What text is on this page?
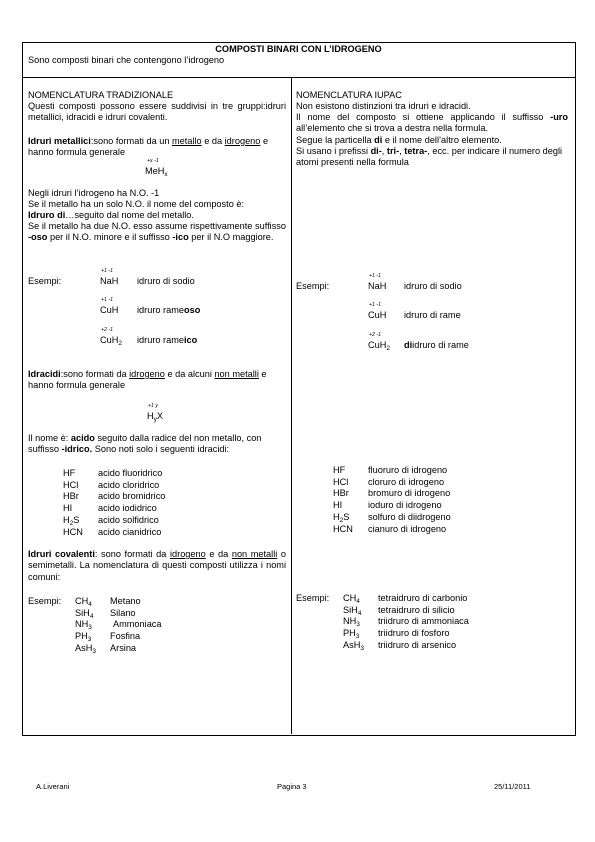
COMPOSTI BINARI CON L’IDROGENO
Sono composti binari che contengono l’idrogeno
NOMENCLATURA TRADIZIONALE
Questi composti possono essere suddivisi in tre gruppi:idruri metallici, idracidi e idruri covalenti.
Idruri metallici:sono formati da un metallo e da idrogeno e hanno formula generale
+x -1
MeH$_x$
Negli idruri l’idrogeno ha N.O. -1
Se il metallo ha un solo N.O. il nome del composto è:
Idruro di…seguito dal nome del metallo.
Se il metallo ha due N.O. esso assume rispettivamente suffisso -oso per il N.O. minore e il suffisso -ico per il N.O maggiore.
Esempi:
Idracidi:sono formati da idrogeno e da alcuni non metalli e hanno formula generale
+1 y
$H_yX$
Il nome è: acido seguito dalla radice del non metallo, con suffisso -idrico. Sono noti solo i seguenti idracidi:
Idruri covalenti: sono formati da idrogeno e da non metalli o semimetalli. La nomenclatura di questi composti utilizza i nomi comuni:
Esempi:
NOMENCLATURA IUPAC
Non esistono distinzioni tra idruri e idracidi.
Il nome del composto si ottiene applicando il suffisso -uro all’elemento che si trova a destra nella formula.
Segue la particella di e il nome dell’altro elemento.
Si usano i prefissi di-, tri-, tetra-, ecc. per indicare il numero degli atomi presenti nella formula
Esempi:
Esempi:
A.Liverani	Pagina 3	25/11/2011
+1 -1
NaH idruro di sodio
+1 -1
CuH idruro rameoso
+2 -1
CuH$_2$ idruro rameico
+1 -1
NaH idruro di sodio
+1 -1
CuH idruro di rame
+2 -1
CuH$_2$ diidruro di rame
HF acido fluoridrico
HCl acido cloridrico
HBr acido bromidrico
HI	acido iodidrico
$H_2S$ acido solfidrico
HCN acido cianidrico
HF fluoruro di idrogeno
HCl cloruro di idrogeno
HBr bromuro di idrogeno
HI	ioduro di idrogeno
$H_2S$ solfuro di diidrogeno
HCN cianuro di idrogeno
$CH_4$ Metano
SiH$_4$ Silano
$NH_3$ Ammoniaca
$PH_3$ Fosfina
AsH$_3$ Arsina
$CH_4$ tetraidruro di carbonio
SiH$_4$ tetraidruro di silicio
$NH_3$ triidruro di ammoniaca
$PH_3$ triidruro di fosforo
AsH$_3$ triidruro di arsenico
